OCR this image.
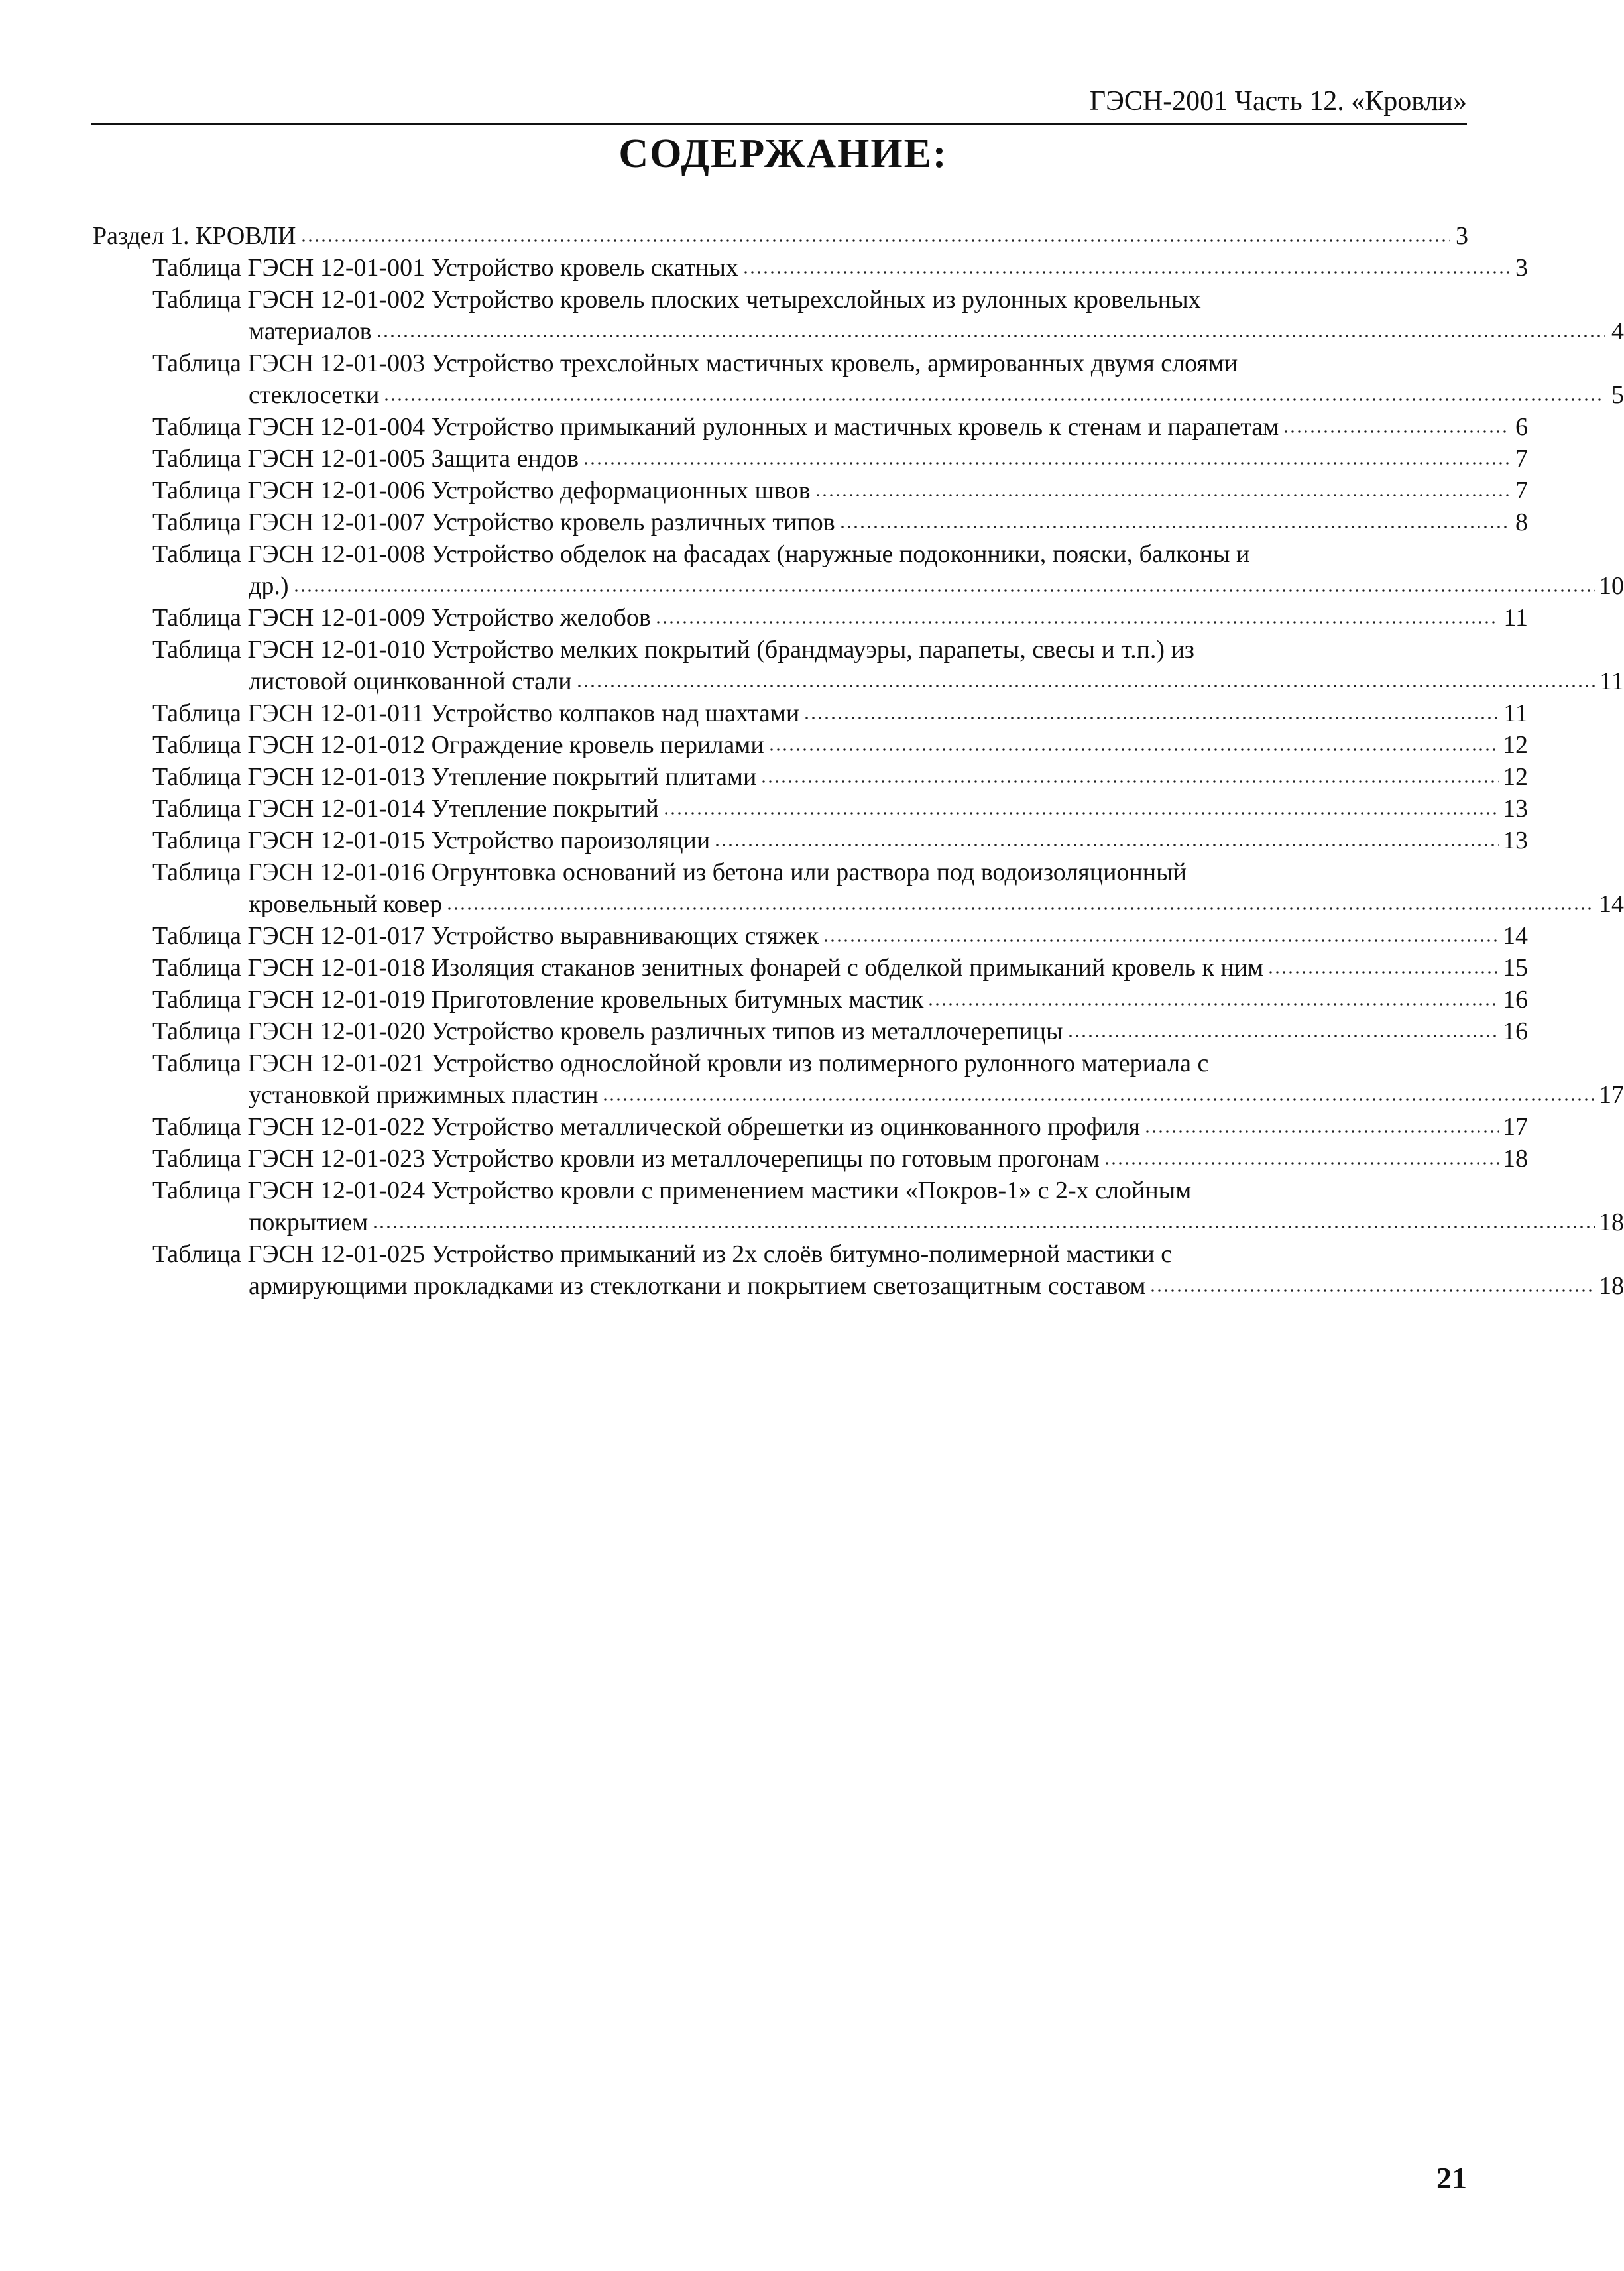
ГЭСН-2001 Часть 12. «Кровли»
СОДЕРЖАНИЕ:
Раздел 1. КРОВЛИ	3
Таблица ГЭСН 12-01-001 Устройство кровель скатных	3
Таблица ГЭСН 12-01-002 Устройство кровель плоских четырехслойных из рулонных кровельных
материалов	4
Таблица ГЭСН 12-01-003 Устройство трехслойных мастичных кровель, армированных двумя слоями
стеклосетки	5
Таблица ГЭСН 12-01-004 Устройство примыканий рулонных и мастичных кровель к стенам и парапетам	6
Таблица ГЭСН 12-01-005 Защита ендов	7
Таблица ГЭСН 12-01-006 Устройство деформационных швов	7
Таблица ГЭСН 12-01-007 Устройство кровель различных типов	8
Таблица ГЭСН 12-01-008 Устройство обделок на фасадах (наружные подоконники, пояски, балконы и
др.)	10
Таблица ГЭСН 12-01-009 Устройство желобов	11
Таблица ГЭСН 12-01-010 Устройство мелких покрытий (брандмауэры, парапеты, свесы и т.п.) из
листовой оцинкованной стали	11
Таблица ГЭСН 12-01-011 Устройство колпаков над шахтами	11
Таблица ГЭСН 12-01-012 Ограждение кровель перилами	12
Таблица ГЭСН 12-01-013 Утепление покрытий плитами	12
Таблица ГЭСН 12-01-014 Утепление покрытий	13
Таблица ГЭСН 12-01-015 Устройство пароизоляции	13
Таблица ГЭСН 12-01-016 Огрунтовка оснований из бетона или раствора под водоизоляционный
кровельный ковер	14
Таблица ГЭСН 12-01-017 Устройство выравнивающих стяжек	14
Таблица ГЭСН 12-01-018 Изоляция стаканов зенитных фонарей с обделкой примыканий кровель к ним	15
Таблица ГЭСН 12-01-019 Приготовление кровельных битумных мастик	16
Таблица ГЭСН 12-01-020 Устройство кровель различных типов из металлочерепицы	16
Таблица ГЭСН 12-01-021 Устройство однослойной кровли из полимерного рулонного материала с
установкой прижимных пластин	17
Таблица ГЭСН 12-01-022 Устройство металлической обрешетки из оцинкованного профиля	17
Таблица ГЭСН 12-01-023 Устройство кровли из металлочерепицы по готовым прогонам	18
Таблица ГЭСН 12-01-024 Устройство кровли с применением мастики «Покров-1» с 2-х слойным
покрытием	18
Таблица ГЭСН 12-01-025 Устройство примыканий из 2х слоёв битумно-полимерной мастики с
армирующими прокладками из стеклоткани и покрытием светозащитным составом	18
21
